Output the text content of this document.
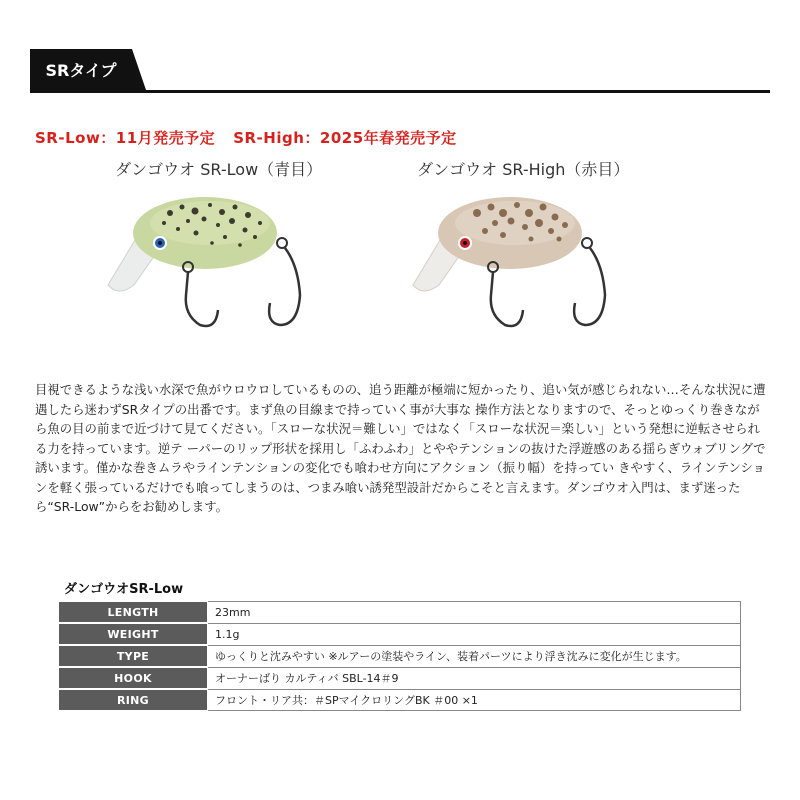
SRタイプ
SR-Low：11月発売予定 SR-High：2025年春発売予定
ダンゴウオ SR-Low（青目）	ダンゴウオ SR-High（赤目）
目視できるような浅い水深で魚がウロウロしているものの、追う距離が極端に短かったり、追い気が感じられない…そんな状況に遭遇したら迷わずSRタイプの出番です。まず魚の目線まで持っていく事が大事な 操作方法となりますので、そっとゆっくり巻きながら魚の目の前まで近づけて見てください。「スローな状況＝難しい」ではなく「スローな状況＝楽しい」という発想に逆転させられる力を持っています。逆テ ーパーのリップ形状を採用し「ふわふわ」とややテンションの抜けた浮遊感のある揺らぎウォブリングで誘います。僅かな巻きムラやラインテンションの変化でも喰わせ方向にアクション（振り幅）を持ってい きやすく、ラインテンションを軽く張っているだけでも喰ってしまうのは、つまみ喰い誘発型設計だからこそと言えます。ダンゴウオ入門は、まず迷ったら“SR-Low”からをお勧めします。
ダンゴウオSR-Low
LENGTH	23mm
WEIGHT	1.1g
TYPE	ゆっくりと沈みやすい ※ルアーの塗装やライン、装着パーツにより浮き沈みに変化が生じます。
HOOK	オーナーばり カルティバ SBL-14＃9
RING	フロント・リア共：＃SPマイクロリングBK ＃00 ×1
